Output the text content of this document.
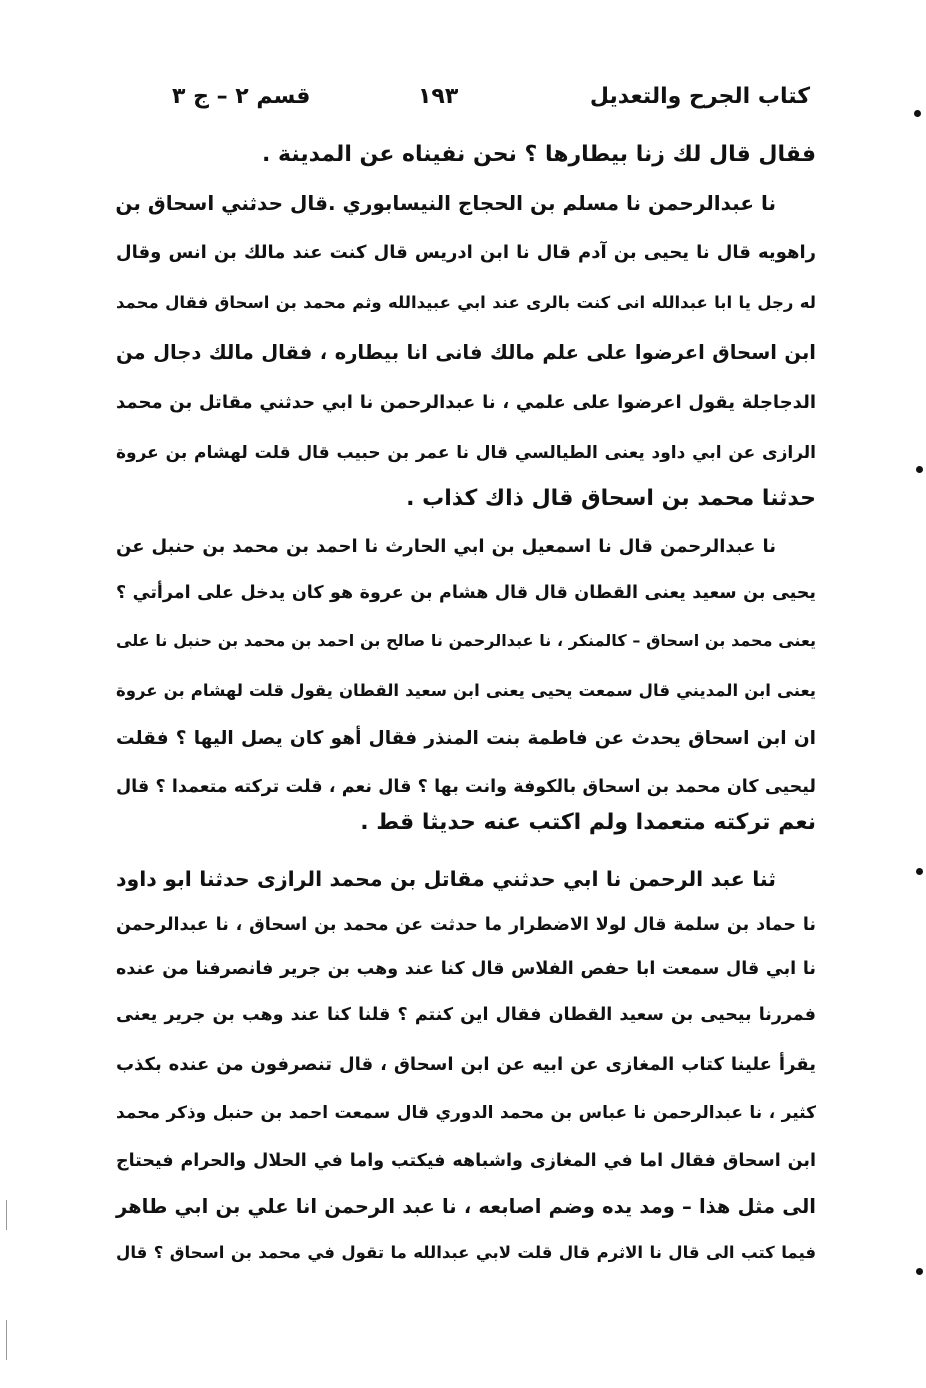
كتاب الجرح والتعديل
١٩٣
قسم ٢ – ج ٣
فقال قال لك زنا بيطارها ؟ نحن نفيناه عن المدينة .
نا عبدالرحمن نا مسلم بن الحجاج النيسابوري .قال حدثني اسحاق بن
راهويه قال نا يحيى بن آدم قال نا ابن ادريس قال كنت عند مالك بن انس وقال
له رجل يا ابا عبدالله انى كنت بالرى عند ابي عبيدالله وثم محمد بن اسحاق فقال محمد
ابن اسحاق اعرضوا على علم مالك فانى انا بيطاره ، فقال مالك دجال من
الدجاجلة يقول اعرضوا على علمي ، نا عبدالرحمن نا ابي حدثني مقاتل بن محمد
الرازى عن ابي داود يعنى الطيالسي قال نا عمر بن حبيب قال قلت لهشام بن عروة
حدثنا محمد بن اسحاق قال ذاك كذاب .
نا عبدالرحمن قال نا اسمعيل بن ابي الحارث نا احمد بن محمد بن حنبل عن
يحيى بن سعيد يعنى القطان قال قال هشام بن عروة هو كان يدخل على امرأتي ؟
يعنى محمد بن اسحاق – كالمنكر ، نا عبدالرحمن نا صالح بن احمد بن محمد بن حنبل نا على
يعنى ابن المديني قال سمعت يحيى يعنى ابن سعيد القطان يقول قلت لهشام بن عروة
ان ابن اسحاق يحدث عن فاطمة بنت المنذر فقال أهو كان يصل اليها ؟ فقلت
ليحيى كان محمد بن اسحاق بالكوفة وانت بها ؟ قال نعم ، قلت تركته متعمدا ؟ قال
نعم تركته متعمدا ولم اكتب عنه حديثا قط .
ثنا عبد الرحمن نا ابي حدثني مقاتل بن محمد الرازى حدثنا ابو داود
نا حماد بن سلمة قال لولا الاضطرار ما حدثت عن محمد بن اسحاق ، نا عبدالرحمن
نا ابي قال سمعت ابا حفص الفلاس قال كنا عند وهب بن جرير فانصرفنا من عنده
فمررنا بيحيى بن سعيد القطان فقال اين كنتم ؟ قلنا كنا عند وهب بن جرير يعنى
يقرأ علينا كتاب المغازى عن ابيه عن ابن اسحاق ، قال تنصرفون من عنده بكذب
كثير ، نا عبدالرحمن نا عباس بن محمد الدوري قال سمعت احمد بن حنبل وذكر محمد
ابن اسحاق فقال اما في المغازى واشباهه فيكتب واما في الحلال والحرام فيحتاج
الى مثل هذا – ومد يده وضم اصابعه ، نا عبد الرحمن انا علي بن ابي طاهر
فيما كتب الى قال نا الاثرم قال قلت لابي عبدالله ما تقول في محمد بن اسحاق ؟ قال
